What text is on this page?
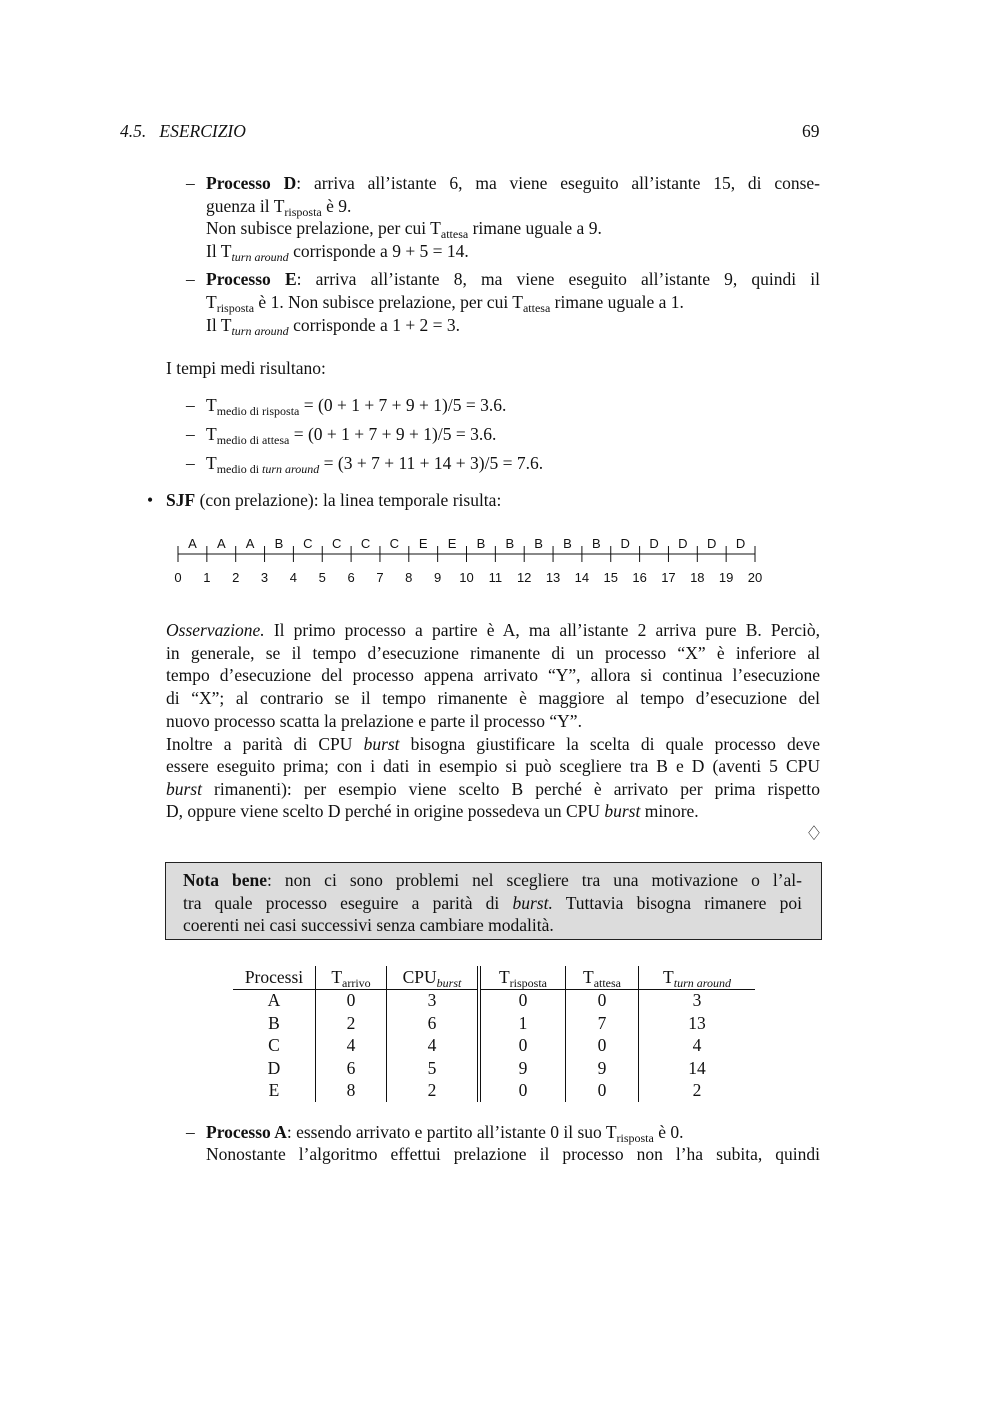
4.5. ESERCIZIO	69
– Processo D: arriva all’istante 6, ma viene eseguito all’istante 15, di conse-
guenza il $T_{risposta}$ è 9.
Non subisce prelazione, per cui $T_{attesa}$ rimane uguale a 9.
Il $T_{turn around}$ corrisponde a 9 + 5 = 14.
– Processo E: arriva all’istante 8, ma viene eseguito all’istante 9, quindi il
$T_{risposta}$ è 1. Non subisce prelazione, per cui $T_{attesa}$ rimane uguale a 1.
Il $T_{turn around}$ corrisponde a 1 + 2 = 3.
I tempi medi risultano:
– $T_{medio di risposta} = (0 + 1 + 7 + 9 + 1)/5 = 3.6$.
– $T_{medio di attesa} = (0 + 1 + 7 + 9 + 1)/5 = 3.6$.
– $T_{medio di turn around} = (3 + 7 + 11 + 14 + 3)/5 = 7.6$.
• SJF (con prelazione): la linea temporale risulta:
0 1 2 3 4 5 6 7 8 9 10 11 12 13 14 15 16 17 18 19 20
A A A B C C C C E E B B B B B D D D D D
Osservazione. Il primo processo a partire è A, ma all’istante 2 arriva pure B. Perciò,
in generale, se il tempo d’esecuzione rimanente di un processo “X” è inferiore al
tempo d’esecuzione del processo appena arrivato “Y”, allora si continua l’esecuzione
di “X”; al contrario se il tempo rimanente è maggiore al tempo d’esecuzione del
nuovo processo scatta la prelazione e parte il processo “Y”.
Inoltre a parità di CPU burst bisogna giustificare la scelta di quale processo deve
essere eseguito prima; con i dati in esempio si può scegliere tra B e D (aventi 5 CPU
burst rimanenti): per esempio viene scelto B perché è arrivato per prima rispetto
D, oppure viene scelto D perché in origine possedeva un CPU burst minore.
♢
Nota bene: non ci sono problemi nel scegliere tra una motivazione o l’al-
tra quale processo eseguire a parità di burst. Tuttavia bisogna rimanere poi
coerenti nei casi successivi senza cambiare modalità.
Processi	$T_{arrivo}$	$CPU_{burst}$	$T_{risposta}$	$T_{attesa}$	$T_{turn around}$
A	0	3	0	0	3
B	2	6	1	7	13
C	4	4	0	0	4
D	6	5	9	9	14
E	8	2	0	0	2
– Processo A: essendo arrivato e partito all’istante 0 il suo $T_{risposta}$ è 0.
Nonostante l’algoritmo effettui prelazione il processo non l’ha subita, quindi
